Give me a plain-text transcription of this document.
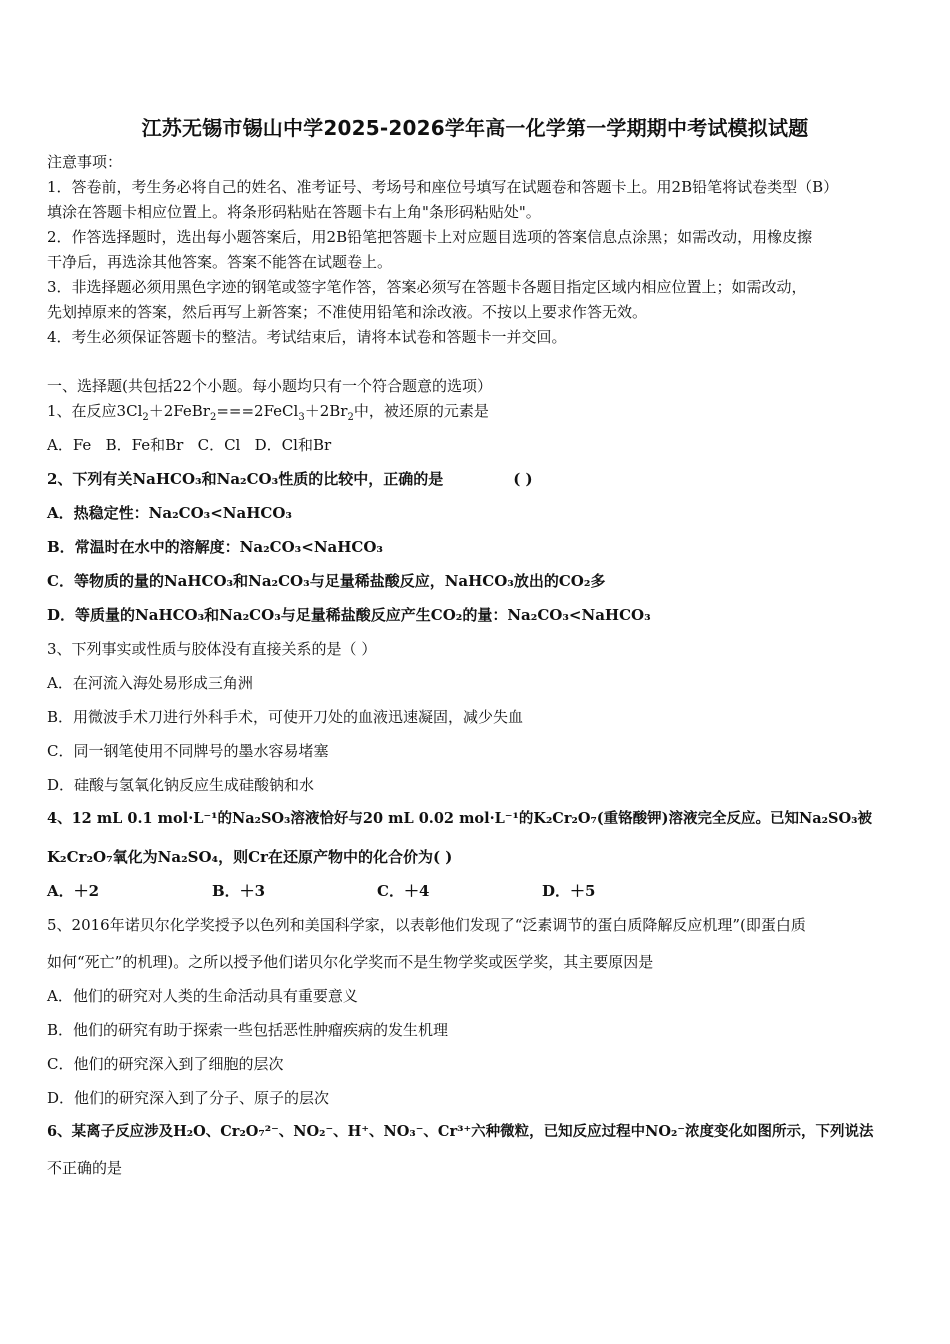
江苏无锡市锡山中学2025-2026学年高一化学第一学期期中考试模拟试题
注意事项：
1．答卷前，考生务必将自己的姓名、准考证号、考场号和座位号填写在试题卷和答题卡上。用2B铅笔将试卷类型（B）
填涂在答题卡相应位置上。将条形码粘贴在答题卡右上角"条形码粘贴处"。
2．作答选择题时，选出每小题答案后，用2B铅笔把答题卡上对应题目选项的答案信息点涂黑；如需改动，用橡皮擦
干净后，再选涂其他答案。答案不能答在试题卷上。
3．非选择题必须用黑色字迹的钢笔或签字笔作答，答案必须写在答题卡各题目指定区域内相应位置上；如需改动，
先划掉原来的答案，然后再写上新答案；不准使用铅笔和涂改液。不按以上要求作答无效。
4．考生必须保证答题卡的整洁。考试结束后，请将本试卷和答题卡一并交回。
一、选择题(共包括22个小题。每小题均只有一个符合题意的选项）
1、在反应$3Cl_2+2FeBr_2===2FeCl_3+2Br_2$中，被还原的元素是
A．Fe   B．Fe和Br   C．Cl   D．Cl和Br
2、下列有关NaHCO₃和Na₂CO₃性质的比较中，正确的是	( )
A．热稳定性：Na₂CO₃<NaHCO₃
B．常温时在水中的溶解度：Na₂CO₃<NaHCO₃
C．等物质的量的NaHCO₃和Na₂CO₃与足量稀盐酸反应，NaHCO₃放出的CO₂多
D．等质量的NaHCO₃和Na₂CO₃与足量稀盐酸反应产生CO₂的量：Na₂CO₃<NaHCO₃
3、下列事实或性质与胶体没有直接关系的是（ ）
A．在河流入海处易形成三角洲
B．用微波手术刀进行外科手术，可使开刀处的血液迅速凝固，减少失血
C．同一钢笔使用不同牌号的墨水容易堵塞
D．硅酸与氢氧化钠反应生成硅酸钠和水
4、12 mL 0.1 mol·L⁻¹的Na₂SO₃溶液恰好与20 mL 0.02 mol·L⁻¹的K₂Cr₂O₇(重铬酸钾)溶液完全反应。已知Na₂SO₃被
K₂Cr₂O₇氧化为Na₂SO₄，则Cr在还原产物中的化合价为( )
A．＋2	B．＋3	C．＋4	D．＋5
5、2016年诺贝尔化学奖授予以色列和美国科学家，以表彰他们发现了“泛素调节的蛋白质降解反应机理”(即蛋白质
如何“死亡”的机理)。之所以授予他们诺贝尔化学奖而不是生物学奖或医学奖，其主要原因是
A．他们的研究对人类的生命活动具有重要意义
B．他们的研究有助于探索一些包括恶性肿瘤疾病的发生机理
C．他们的研究深入到了细胞的层次
D．他们的研究深入到了分子、原子的层次
6、某离子反应涉及H₂O、Cr₂O₇²⁻、NO₂⁻、H⁺、NO₃⁻、Cr³⁺六种微粒，已知反应过程中NO₂⁻浓度变化如图所示，下列说法
不正确的是
